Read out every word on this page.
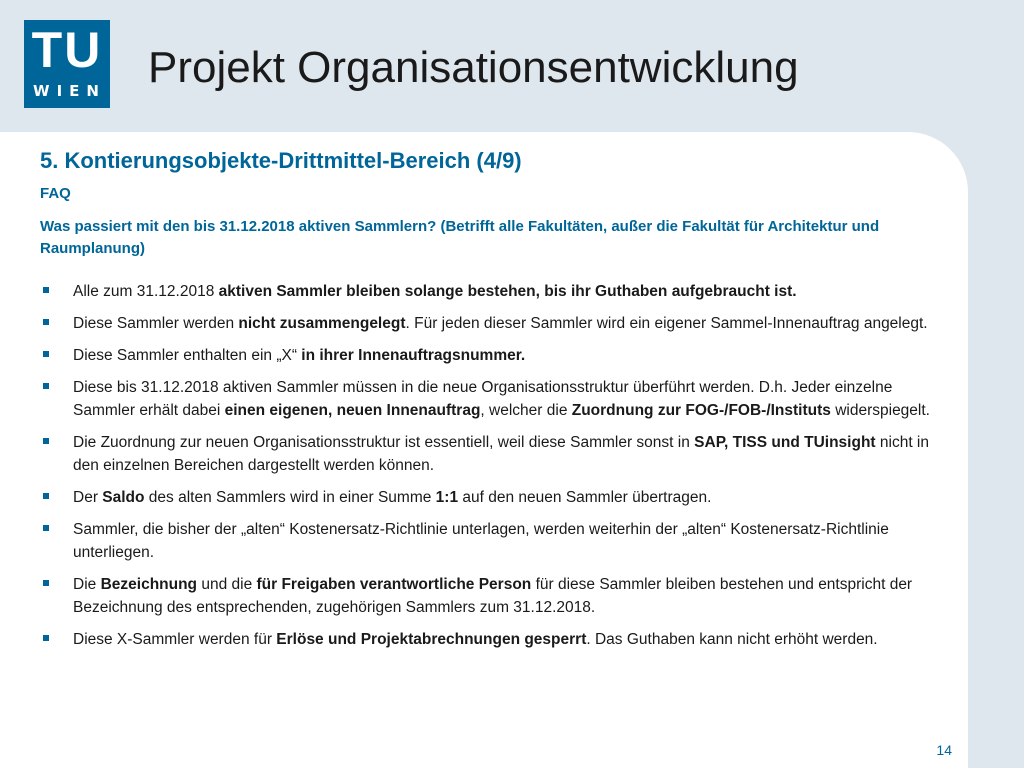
TU
WIEN Projekt Organisationsentwicklung
5. Kontierungsobjekte-Drittmittel-Bereich (4/9)
FAQ
Was passiert mit den bis 31.12.2018 aktiven Sammlern? (Betrifft alle Fakultäten, außer die Fakultät für Architektur und Raumplanung)
Alle zum 31.12.2018 aktiven Sammler bleiben solange bestehen, bis ihr Guthaben aufgebraucht ist.
Diese Sammler werden nicht zusammengelegt. Für jeden dieser Sammler wird ein eigener Sammel-Innenauftrag angelegt.
Diese Sammler enthalten ein „X“ in ihrer Innenauftragsnummer.
Diese bis 31.12.2018 aktiven Sammler müssen in die neue Organisationsstruktur überführt werden. D.h. Jeder einzelne Sammler erhält dabei einen eigenen, neuen Innenauftrag, welcher die Zuordnung zur FOG-/FOB-/Instituts widerspiegelt.
Die Zuordnung zur neuen Organisationsstruktur ist essentiell, weil diese Sammler sonst in SAP, TISS und TUinsight nicht in den einzelnen Bereichen dargestellt werden können.
Der Saldo des alten Sammlers wird in einer Summe 1:1 auf den neuen Sammler übertragen.
Sammler, die bisher der „alten“ Kostenersatz-Richtlinie unterlagen, werden weiterhin der „alten“ Kostenersatz-Richtlinie unterliegen.
Die Bezeichnung und die für Freigaben verantwortliche Person für diese Sammler bleiben bestehen und entspricht der Bezeichnung des entsprechenden, zugehörigen Sammlers zum 31.12.2018.
Diese X-Sammler werden für Erlöse und Projektabrechnungen gesperrt. Das Guthaben kann nicht erhöht werden.
14
